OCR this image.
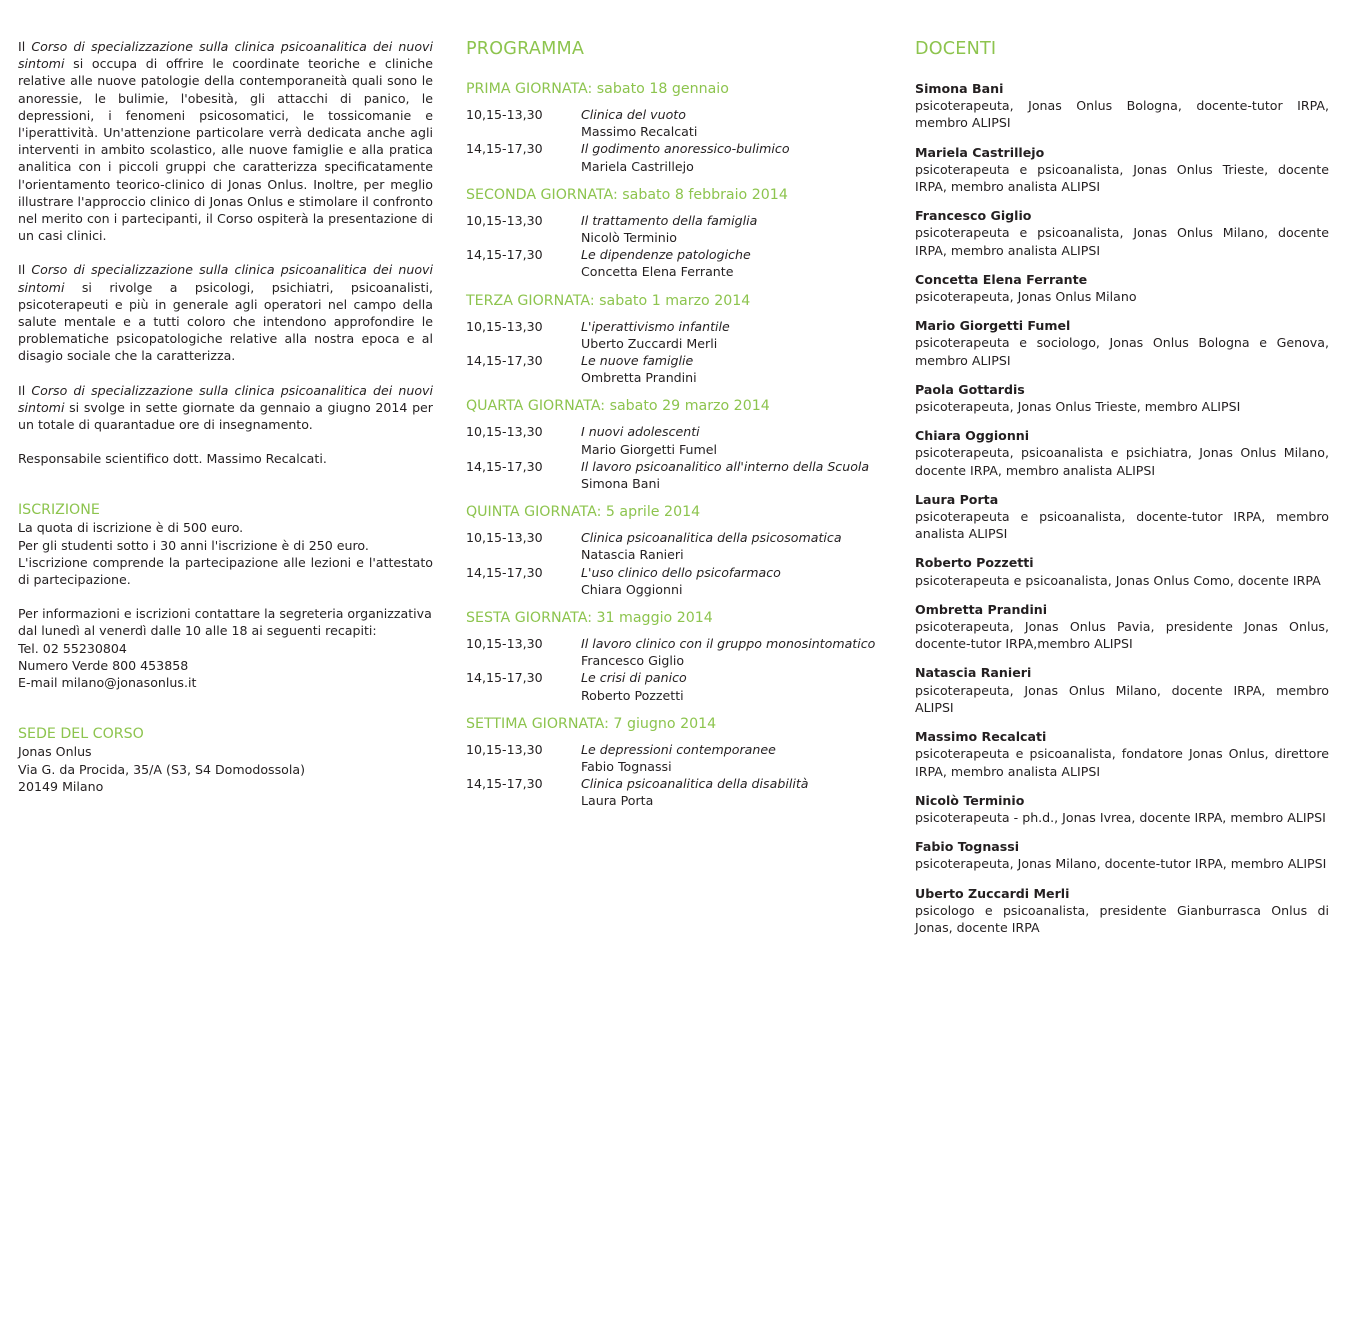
Il Corso di specializzazione sulla clinica psicoanalitica dei nuovi sintomi si occupa di offrire le coordinate teoriche e cliniche relative alle nuove patologie della contemporaneità quali sono le anoressie, le bulimie, l'obesità, gli attacchi di panico, le depressioni, i fenomeni psicosomatici, le tossicomanie e l'iperattività. Un'attenzione particolare verrà dedicata anche agli interventi in ambito scolastico, alle nuove famiglie e alla pratica analitica con i piccoli gruppi che caratterizza specificatamente l'orientamento teorico-clinico di Jonas Onlus. Inoltre, per meglio illustrare l'approccio clinico di Jonas Onlus e stimolare il confronto nel merito con i partecipanti, il Corso ospiterà la presentazione di un casi clinici.

Il Corso di specializzazione sulla clinica psicoanalitica dei nuovi sintomi si rivolge a psicologi, psichiatri, psicoanalisti, psicoterapeuti e più in generale agli operatori nel campo della salute mentale e a tutti coloro che intendono approfondire le problematiche psicopatologiche relative alla nostra epoca e al disagio sociale che la caratterizza.

Il Corso di specializzazione sulla clinica psicoanalitica dei nuovi sintomi si svolge in sette giornate da gennaio a giugno 2014 per un totale di quarantadue ore di insegnamento.

Responsabile scientifico dott. Massimo Recalcati.

ISCRIZIONE
La quota di iscrizione è di 500 euro.
Per gli studenti sotto i 30 anni l'iscrizione è di 250 euro.
L'iscrizione comprende la partecipazione alle lezioni e l'attestato di partecipazione.
Per informazioni e iscrizioni contattare la segreteria organizzativa dal lunedì al venerdì dalle 10 alle 18 ai seguenti recapiti:
Tel. 02 55230804
Numero Verde 800 453858
E-mail milano@jonasonlus.it
SEDE DEL CORSO
Jonas Onlus
Via G. da Procida, 35/A (S3, S4 Domodossola)
20149 Milano
PROGRAMMA
PRIMA GIORNATA: sabato 18 gennaio
10,15-13,30	Clinica del vuoto
Massimo Recalcati
14,15-17,30	Il godimento anoressico-bulimico
Mariela Castrillejo
SECONDA GIORNATA: sabato 8 febbraio 2014
10,15-13,30	Il trattamento della famiglia
Nicolò Terminio
14,15-17,30	Le dipendenze patologiche
Concetta Elena Ferrante
TERZA GIORNATA: sabato 1 marzo 2014
10,15-13,30	L'iperattivismo infantile
Uberto Zuccardi Merli
14,15-17,30	Le nuove famiglie
Ombretta Prandini
QUARTA GIORNATA: sabato 29 marzo 2014
10,15-13,30	I nuovi adolescenti
Mario Giorgetti Fumel
14,15-17,30	Il lavoro psicoanalitico all'interno della Scuola
Simona Bani
QUINTA GIORNATA: 5 aprile 2014
10,15-13,30	Clinica psicoanalitica della psicosomatica
Natascia Ranieri
14,15-17,30	L'uso clinico dello psicofarmaco
Chiara Oggionni
SESTA GIORNATA: 31 maggio 2014
10,15-13,30	Il lavoro clinico con il gruppo monosintomatico
Francesco Giglio
14,15-17,30	Le crisi di panico
Roberto Pozzetti
SETTIMA GIORNATA: 7 giugno 2014
10,15-13,30	Le depressioni contemporanee
Fabio Tognassi
14,15-17,30	Clinica psicoanalitica della disabilità
Laura Porta
DOCENTI
Simona Bani
psicoterapeuta, Jonas Onlus Bologna, docente-tutor IRPA, membro ALIPSI
Mariela Castrillejo
psicoterapeuta e psicoanalista, Jonas Onlus Trieste, docente IRPA, membro analista ALIPSI
Francesco Giglio
psicoterapeuta e psicoanalista, Jonas Onlus Milano, docente IRPA, membro analista ALIPSI
Concetta Elena Ferrante
psicoterapeuta, Jonas Onlus Milano
Mario Giorgetti Fumel
psicoterapeuta e sociologo, Jonas Onlus Bologna e Genova, membro ALIPSI
Paola Gottardis
psicoterapeuta, Jonas Onlus Trieste, membro ALIPSI
Chiara Oggionni
psicoterapeuta, psicoanalista e psichiatra, Jonas Onlus Milano, docente IRPA, membro analista ALIPSI
Laura Porta
psicoterapeuta e psicoanalista, docente-tutor IRPA, membro analista ALIPSI
Roberto Pozzetti
psicoterapeuta e psicoanalista, Jonas Onlus Como, docente IRPA
Ombretta Prandini
psicoterapeuta, Jonas Onlus Pavia, presidente Jonas Onlus, docente-tutor IRPA,membro ALIPSI
Natascia Ranieri
psicoterapeuta, Jonas Onlus Milano, docente IRPA, membro ALIPSI
Massimo Recalcati
psicoterapeuta e psicoanalista, fondatore Jonas Onlus, direttore IRPA, membro analista ALIPSI
Nicolò Terminio
psicoterapeuta - ph.d., Jonas Ivrea, docente IRPA, membro ALIPSI
Fabio Tognassi
psicoterapeuta, Jonas Milano, docente-tutor IRPA, membro ALIPSI
Uberto Zuccardi Merli
psicologo e psicoanalista, presidente Gianburrasca Onlus di Jonas, docente IRPA
